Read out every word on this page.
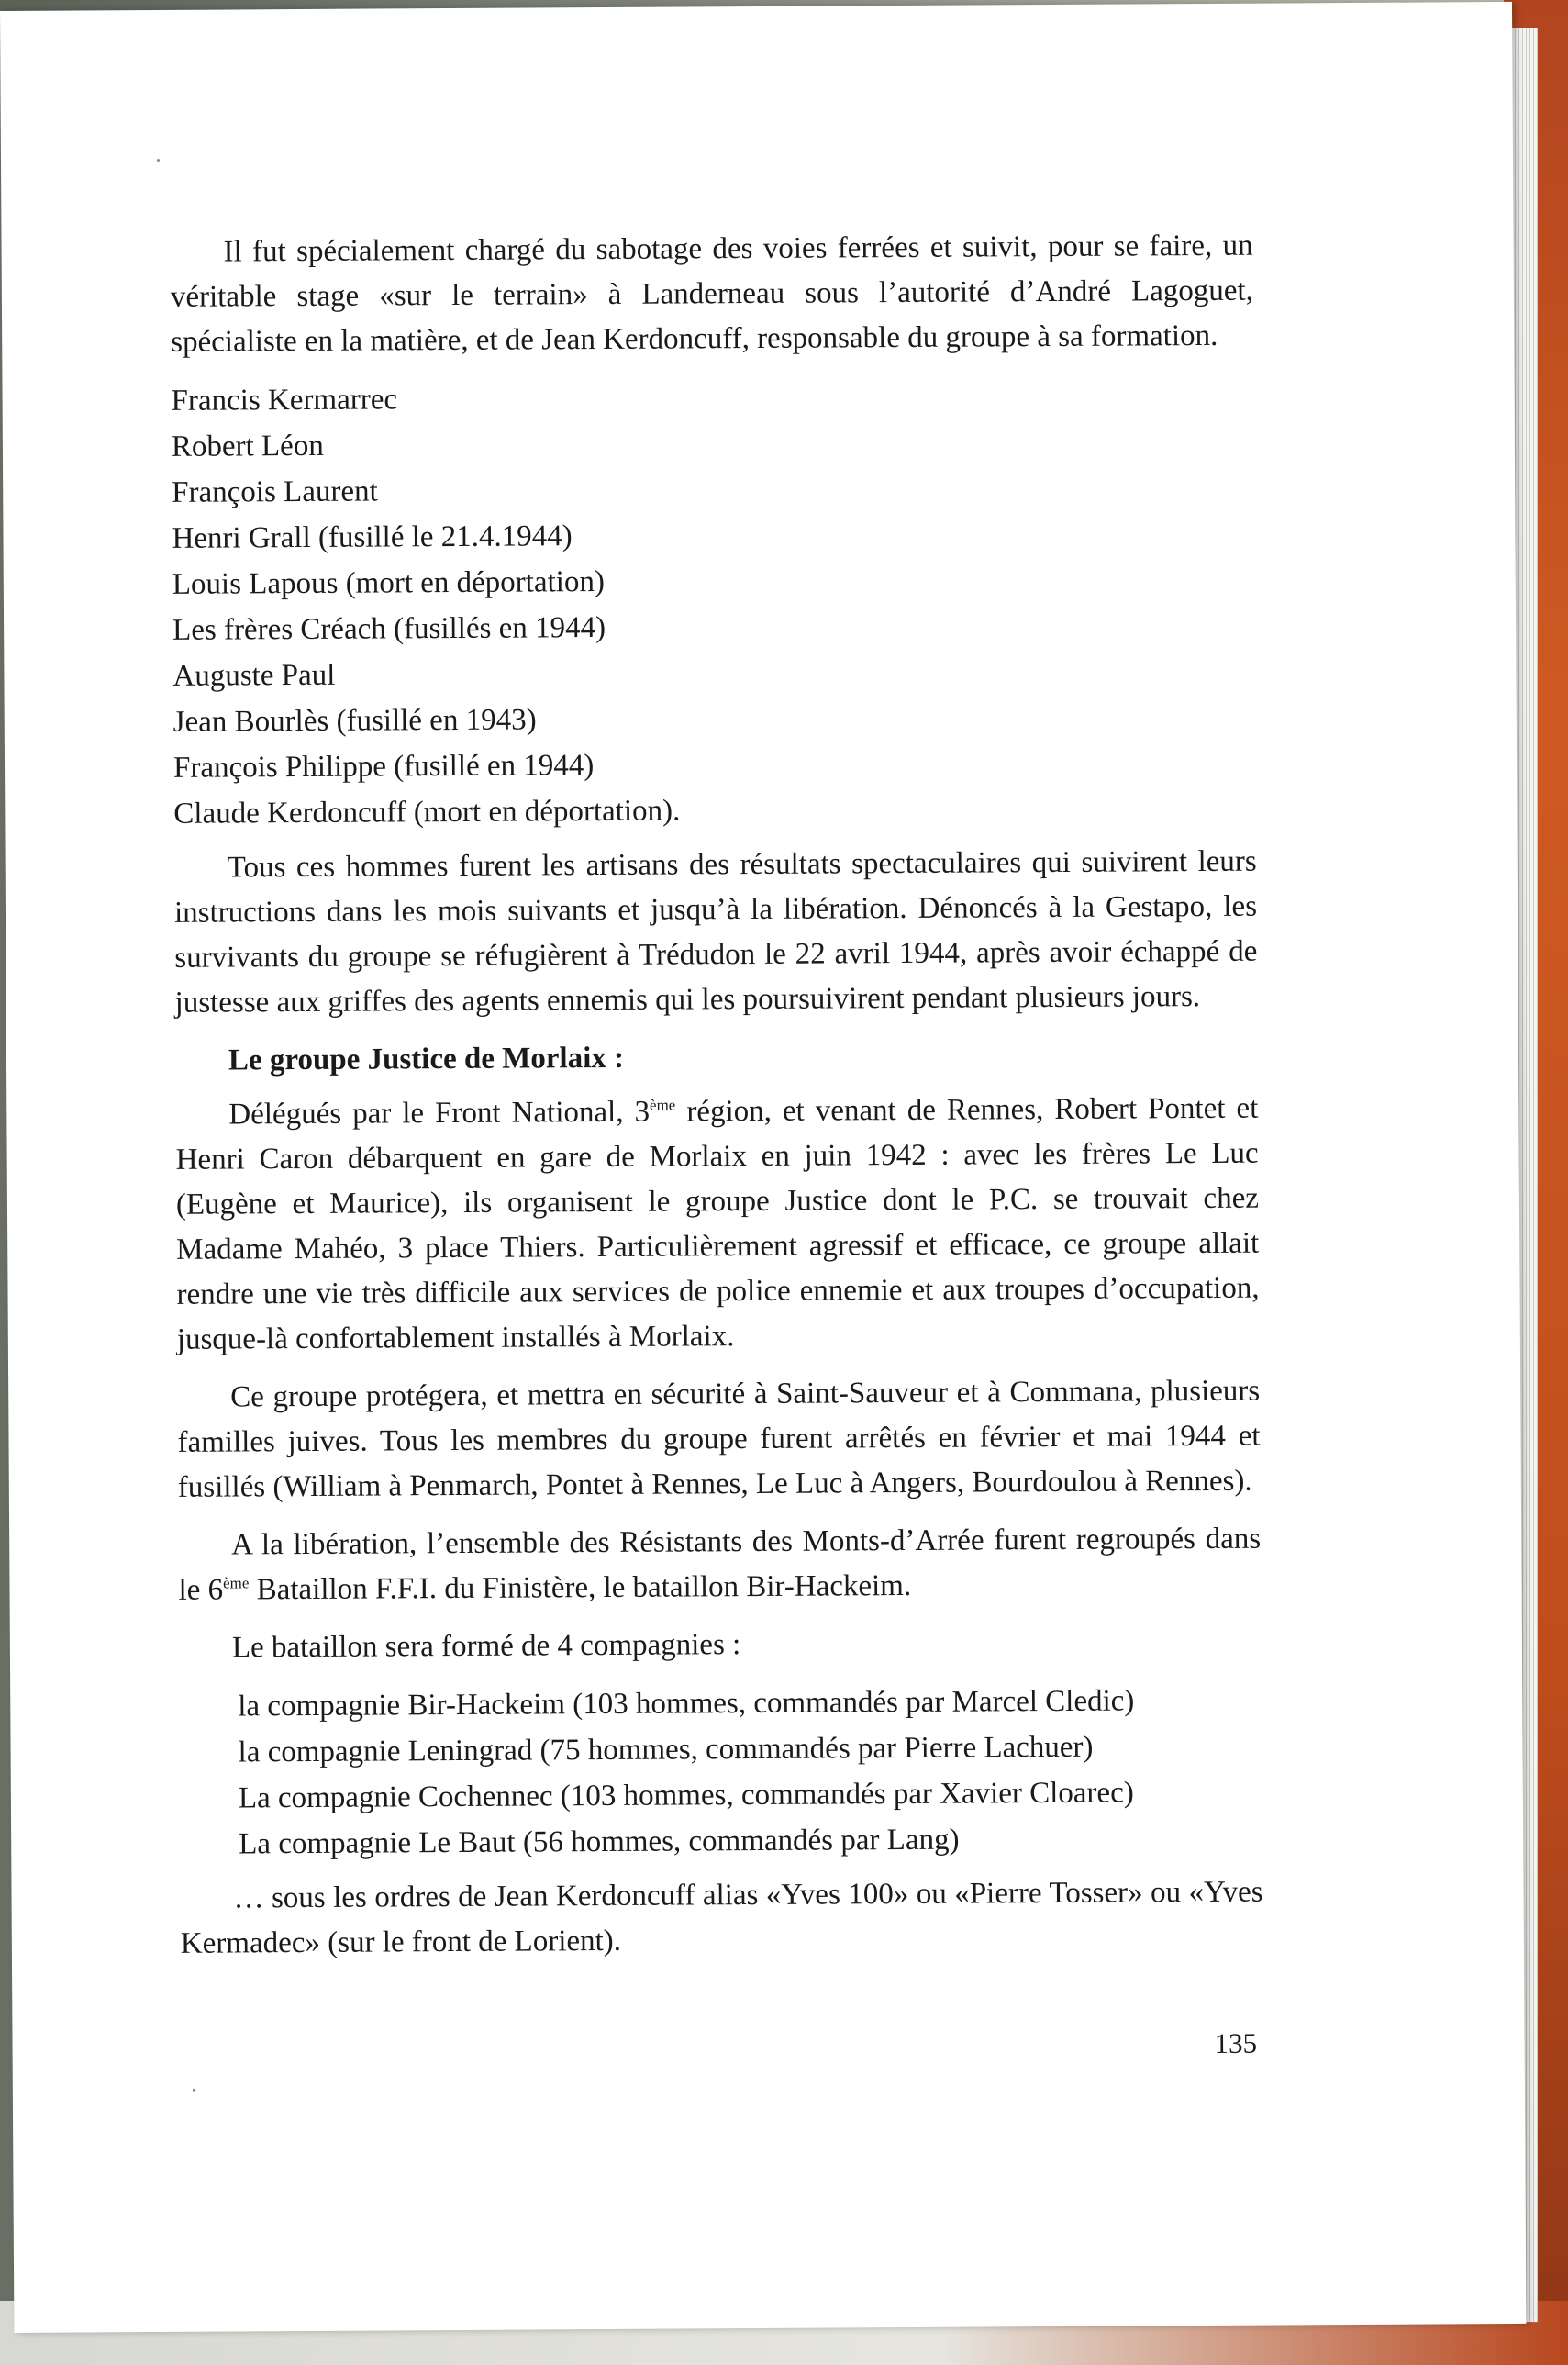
Il fut spécialement chargé du sabotage des voies ferrées et suivit, pour se faire, un véritable stage «sur le terrain» à Landerneau sous l’autorité d’André Lagoguet, spécialiste en la matière, et de Jean Kerdoncuff, responsable du groupe à sa formation.

Francis Kermarrec
Robert Léon
François Laurent
Henri Grall (fusillé le 21.4.1944)
Louis Lapous (mort en déportation)
Les frères Créach (fusillés en 1944)
Auguste Paul
Jean Bourlès (fusillé en 1943)
François Philippe (fusillé en 1944)
Claude Kerdoncuff (mort en déportation).

Tous ces hommes furent les artisans des résultats spectaculaires qui suivirent leurs instructions dans les mois suivants et jusqu’à la libération. Dénoncés à la Gestapo, les survivants du groupe se réfugièrent à Trédudon le 22 avril 1944, après avoir échappé de justesse aux griffes des agents ennemis qui les poursuivirent pendant plusieurs jours.

Le groupe Justice de Morlaix :

Délégués par le Front National, 3ème région, et venant de Rennes, Robert Pontet et Henri Caron débarquent en gare de Morlaix en juin 1942 : avec les frères Le Luc (Eugène et Maurice), ils organisent le groupe Justice dont le P.C. se trouvait chez Madame Mahéo, 3 place Thiers. Particulièrement agressif et efficace, ce groupe allait rendre une vie très difficile aux services de police ennemie et aux troupes d’occupation, jusque-là confortablement installés à Morlaix.

Ce groupe protégera, et mettra en sécurité à Saint-Sauveur et à Commana, plusieurs familles juives. Tous les membres du groupe furent arrêtés en février et mai 1944 et fusillés (William à Penmarch, Pontet à Rennes, Le Luc à Angers, Bourdoulou à Rennes).

A la libération, l’ensemble des Résistants des Monts-d’Arrée furent regroupés dans le 6ème Bataillon F.F.I. du Finistère, le bataillon Bir-Hackeim.

Le bataillon sera formé de 4 compagnies :

la compagnie Bir-Hackeim (103 hommes, commandés par Marcel Cledic)
la compagnie Leningrad (75 hommes, commandés par Pierre Lachuer)
La compagnie Cochennec (103 hommes, commandés par Xavier Cloarec)
La compagnie Le Baut (56 hommes, commandés par Lang)

… sous les ordres de Jean Kerdoncuff alias «Yves 100» ou «Pierre Tosser» ou «Yves Kermadec» (sur le front de Lorient).

135
